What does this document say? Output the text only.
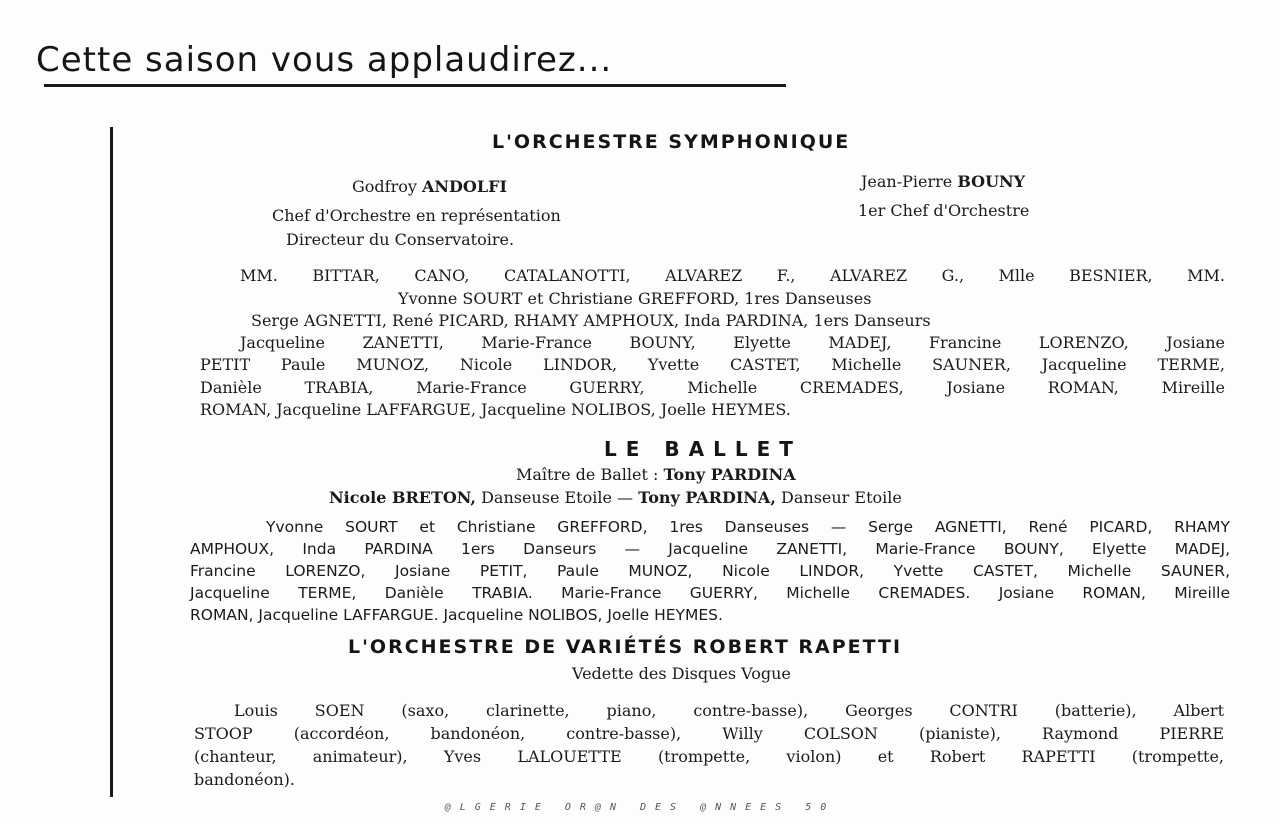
Cette saison vous applaudirez...
L'ORCHESTRE SYMPHONIQUE
Godfroy ANDOLFI
Chef d'Orchestre en représentation
Directeur du Conservatoire.
Jean-Pierre BOUNY
1er Chef d'Orchestre
MM. BITTAR, CANO, CATALANOTTI, ALVAREZ F., ALVAREZ G., Mlle BESNIER, MM.
Yvonne SOURT et Christiane GREFFORD, 1res Danseuses
Serge AGNETTI, René PICARD, RHAMY AMPHOUX, Inda PARDINA, 1ers Danseurs
Jacqueline ZANETTI, Marie-France BOUNY, Elyette MADEJ, Francine LORENZO, Josiane
PETIT Paule MUNOZ, Nicole LINDOR, Yvette CASTET, Michelle SAUNER, Jacqueline TERME,
Danièle TRABIA, Marie-France GUERRY, Michelle CREMADES, Josiane ROMAN, Mireille
ROMAN, Jacqueline LAFFARGUE, Jacqueline NOLIBOS, Joelle HEYMES.
LE BALLET
Maître de Ballet : Tony PARDINA
Nicole BRETON, Danseuse Etoile — Tony PARDINA, Danseur Etoile
Yvonne SOURT et Christiane GREFFORD, 1res Danseuses — Serge AGNETTI, René PICARD, RHAMY
AMPHOUX, Inda PARDINA 1ers Danseurs — Jacqueline ZANETTI, Marie-France BOUNY, Elyette MADEJ,
Francine LORENZO, Josiane PETIT, Paule MUNOZ, Nicole LINDOR, Yvette CASTET, Michelle SAUNER,
Jacqueline TERME, Danièle TRABIA. Marie-France GUERRY, Michelle CREMADES. Josiane ROMAN, Mireille
ROMAN, Jacqueline LAFFARGUE. Jacqueline NOLIBOS, Joelle HEYMES.
L'ORCHESTRE DE VARIÉTÉS ROBERT RAPETTI
Vedette des Disques Vogue
Louis SOEN (saxo, clarinette, piano, contre-basse), Georges CONTRI (batterie), Albert
STOOP (accordéon, bandonéon, contre-basse), Willy COLSON (pianiste), Raymond PIERRE
(chanteur, animateur), Yves LALOUETTE (trompette, violon) et Robert RAPETTI (trompette,
bandonéon).
@LGERIE OR@N DES @NNEES 50
